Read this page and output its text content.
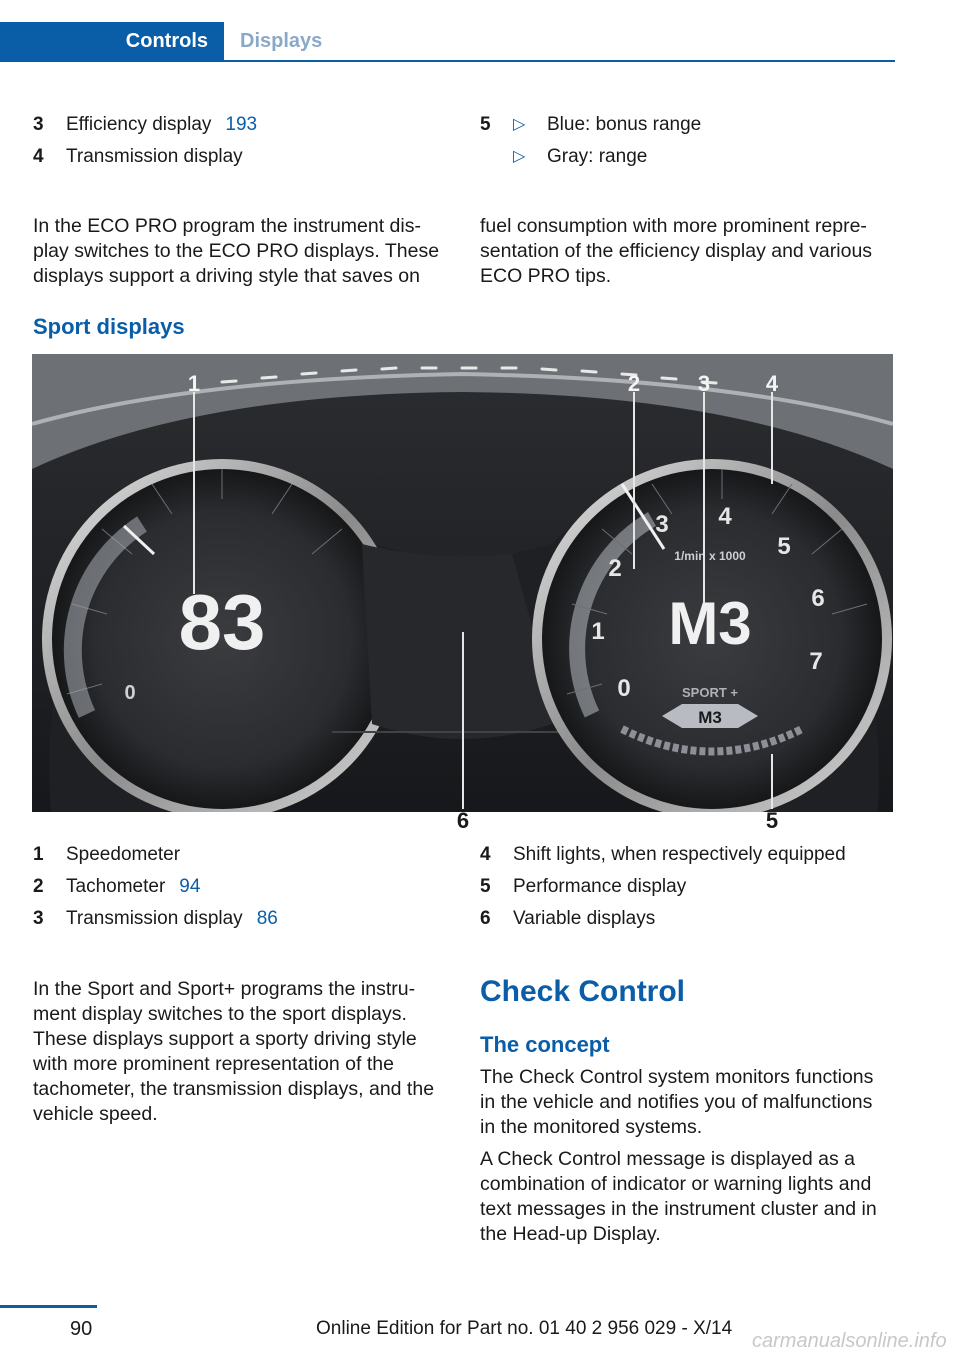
Controls	Displays
3 Efficiency display 193
4 Transmission display
5 ▷ Blue: bonus range
▷ Gray: range
In the ECO PRO program the instrument dis-
play switches to the ECO PRO displays. These
displays support a driving style that saves on
fuel consumption with more prominent repre-
sentation of the efficiency display and various
ECO PRO tips.
Sport displays
83
0	0
1
2
3 4
5
6
7
1/min x 1000
M3
SPORT +
M3
1	2	3	4
5
6
1 Speedometer
2 Tachometer 94
3 Transmission display 86
4 Shift lights, when respectively equipped
5 Performance display
6 Variable displays
In the Sport and Sport+ programs the instru-
ment display switches to the sport displays.
These displays support a sporty driving style
with more prominent representation of the
tachometer, the transmission displays, and the
vehicle speed.
Check Control
The concept
The Check Control system monitors functions
in the vehicle and notifies you of malfunctions
in the monitored systems.
A Check Control message is displayed as a
combination of indicator or warning lights and
text messages in the instrument cluster and in
the Head-up Display.
90	Online Edition for Part no. 01 40 2 956 029 - X/14
carmanualsonline.info
